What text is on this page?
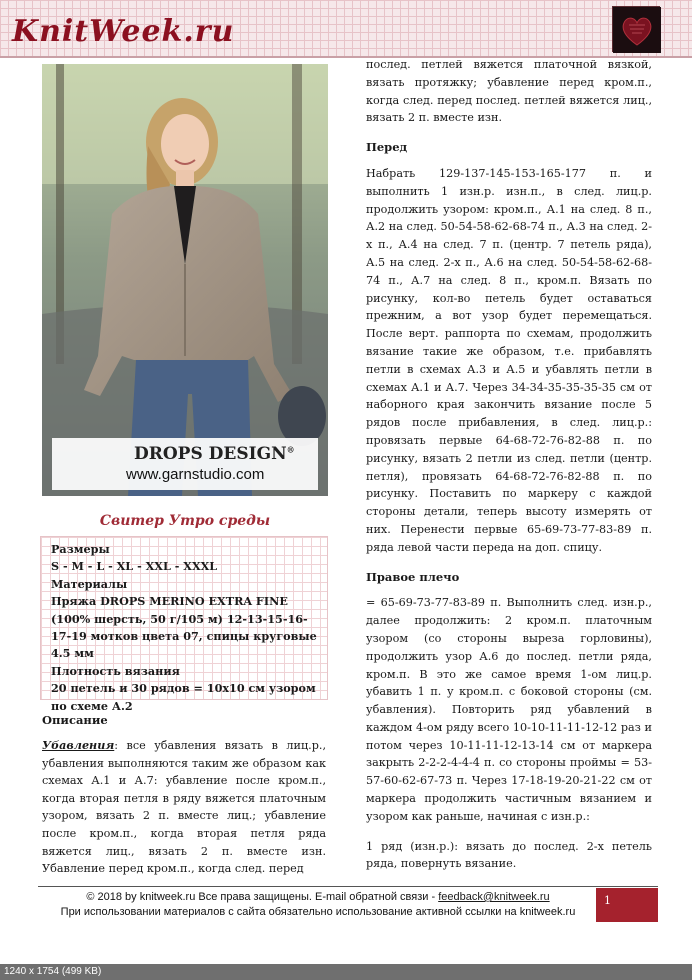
KnitWeek.ru
DROPS DESIGN®
www.garnstudio.com
Свитер Утро среды

Размеры

S - M - L - XL - XXL - XXXL

Материалы

Пряжа DROPS MERINO EXTRA FINE (100% шерсть, 50 г/105 м) 12-13-15-16-17-19 мотков цвета 07, спицы круговые 4.5 мм

Плотность вязания

20 петель и 30 рядов = 10х10 см узором по схеме А.2

Описание
Убавления: все убавления вязать в лиц.р., убавления выполняются таким же образом как схемах А.1 и А.7: убавление после кром.п., когда вторая петля в ряду вяжется платочным узором, вязать 2 п. вместе лиц.; убавление после кром.п., когда вторая петля ряда вяжется лиц., вязать 2 п. вместе изн. Убавление перед кром.п., когда след. перед

послед. петлей вяжется платочной вязкой, вязать протяжку; убавление перед кром.п., когда след. перед послед. петлей вяжется лиц., вязать 2 п. вместе изн.

Перед

Набрать 129-137-145-153-165-177 п. и выполнить 1 изн.р. изн.п., в след. лиц.р. продолжить узором: кром.п., А.1 на след. 8 п., А.2 на след. 50-54-58-62-68-74 п., А.3 на след. 2-х п., А.4 на след. 7 п. (центр. 7 петель ряда), А.5 на след. 2-х п., А.6 на след. 50-54-58-62-68-74 п., А.7 на след. 8 п., кром.п. Вязать по рисунку, кол-во петель будет оставаться прежним, а вот узор будет перемещаться. После верт. раппорта по схемам, продолжить вязание такие же образом, т.е. прибавлять петли в схемах А.3 и А.5 и убавлять петли в схемах А.1 и А.7. Через 34-34-35-35-35-35 см от наборного края закончить вязание после 5 рядов после прибавления, в след. лиц.р.: провязать первые 64-68-72-76-82-88 п. по рисунку, вязать 2 петли из след. петли (центр. петля), провязать 64-68-72-76-82-88 п. по рисунку. Поставить по маркеру с каждой стороны детали, теперь высоту измерять от них. Перенести первые 65-69-73-77-83-89 п. ряда левой части переда на доп. спицу.

Правое плечо

= 65-69-73-77-83-89 п. Выполнить след. изн.р., далее продолжить: 2 кром.п. платочным узором (со стороны выреза горловины), продолжить узор А.6 до послед. петли ряда, кром.п. В это же самое время 1-ом лиц.р. убавить 1 п. у кром.п. с боковой стороны (см. убавления). Повторить ряд убавлений в каждом 4-ом ряду всего 10-10-11-11-12-12 раз и потом через 10-11-11-12-13-14 см от маркера закрыть 2-2-2-4-4-4 п. со стороны проймы = 53-57-60-62-67-73 п. Через 17-18-19-20-21-22 см от маркера продолжить частичным вязанием и узором как раньше, начиная с изн.р.:

1 ряд (изн.р.): вязать до послед. 2-х петель ряда, повернуть вязание.

© 2018 by knitweek.ru Все права защищены. E-mail обратной связи - feedback@knitweek.ru
При использовании материалов с сайта обязательно использование активной ссылки на knitweek.ru
1
1240 x 1754 (499 KB)
